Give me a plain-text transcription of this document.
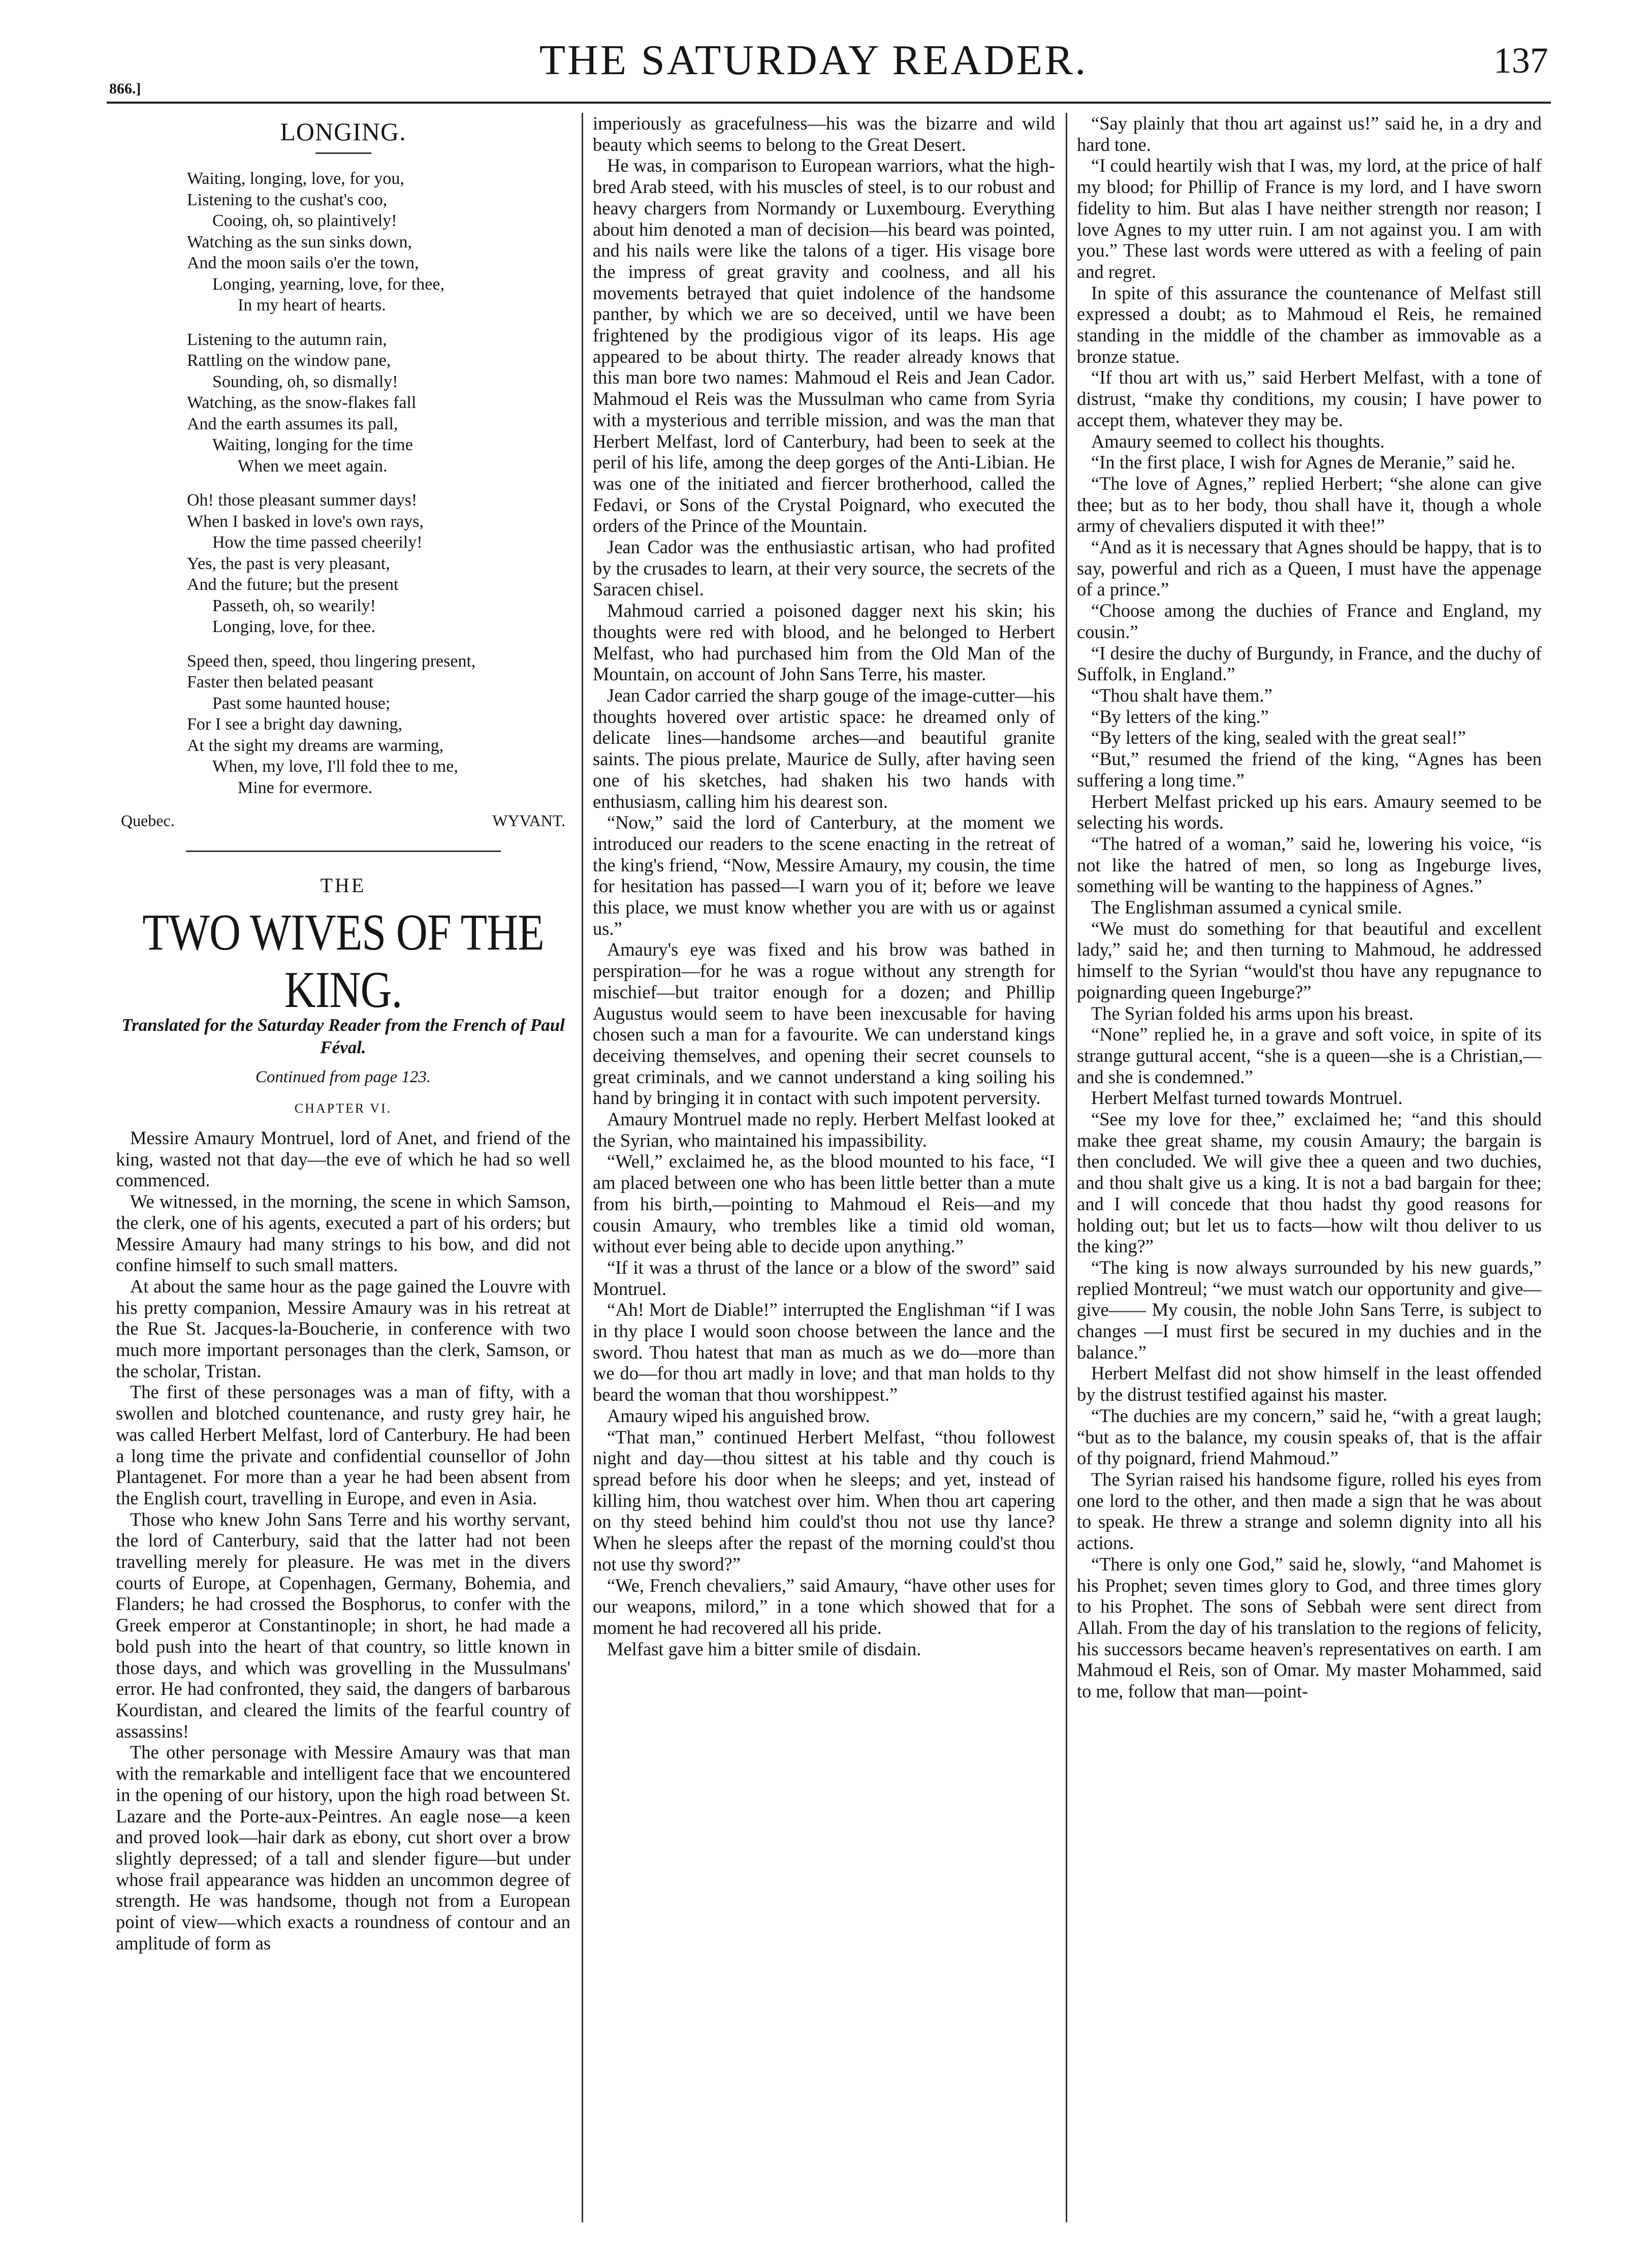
866.]
THE SATURDAY READER.	137
LONGING.
Waiting, longing, love, for you,
Listening to the cushat's coo,
Cooing, oh, so plaintively!
Watching as the sun sinks down,
And the moon sails o'er the town,
Longing, yearning, love, for thee,
In my heart of hearts.
Listening to the autumn rain,
Rattling on the window pane,
Sounding, oh, so dismally!
Watching, as the snow-flakes fall
And the earth assumes its pall,
Waiting, longing for the time
When we meet again.
Oh! those pleasant summer days!
When I basked in love's own rays,
How the time passed cheerily!
Yes, the past is very pleasant,
And the future; but the present
Passeth, oh, so wearily!
Longing, love, for thee.
Speed then, speed, thou lingering present,
Faster then belated peasant
Past some haunted house;
For I see a bright day dawning,
At the sight my dreams are warming,
When, my love, I'll fold thee to me,
Mine for evermore.
Quebec.	WYVANT.
THE
TWO WIVES OF THE KING.
Translated for the Saturday Reader from the French of Paul Féval.
Continued from page 123.
CHAPTER VI.

Messire Amaury Montruel, lord of Anet, and friend of the king, wasted not that day—the eve of which he had so well commenced.

We witnessed, in the morning, the scene in which Samson, the clerk, one of his agents, executed a part of his orders; but Messire Amaury had many strings to his bow, and did not confine himself to such small matters.

At about the same hour as the page gained the Louvre with his pretty companion, Messire Amaury was in his retreat at the Rue St. Jacques-la-Boucherie, in conference with two much more important personages than the clerk, Samson, or the scholar, Tristan.

The first of these personages was a man of fifty, with a swollen and blotched countenance, and rusty grey hair, he was called Herbert Melfast, lord of Canterbury. He had been a long time the private and confidential counsellor of John Plantagenet. For more than a year he had been absent from the English court, travelling in Europe, and even in Asia.

Those who knew John Sans Terre and his worthy servant, the lord of Canterbury, said that the latter had not been travelling merely for pleasure. He was met in the divers courts of Europe, at Copenhagen, Germany, Bohemia, and Flanders; he had crossed the Bosphorus, to confer with the Greek emperor at Constantinople; in short, he had made a bold push into the heart of that country, so little known in those days, and which was grovelling in the Mussulmans' error. He had confronted, they said, the dangers of barbarous Kourdistan, and cleared the limits of the fearful country of assassins!

The other personage with Messire Amaury was that man with the remarkable and intelligent face that we encountered in the opening of our history, upon the high road between St. Lazare and the Porte-aux-Peintres. An eagle nose—a keen and proved look—hair dark as ebony, cut short over a brow slightly depressed; of a tall and slender figure—but under whose frail appearance was hidden an uncommon degree of strength. He was handsome, though not from a European point of view—which exacts a roundness of contour and an amplitude of form as

imperiously as gracefulness—his was the bizarre and wild beauty which seems to belong to the Great Desert.

He was, in comparison to European warriors, what the high-bred Arab steed, with his muscles of steel, is to our robust and heavy chargers from Normandy or Luxembourg. Everything about him denoted a man of decision—his beard was pointed, and his nails were like the talons of a tiger. His visage bore the impress of great gravity and coolness, and all his movements betrayed that quiet indolence of the handsome panther, by which we are so deceived, until we have been frightened by the prodigious vigor of its leaps. His age appeared to be about thirty. The reader already knows that this man bore two names: Mahmoud el Reis and Jean Cador. Mahmoud el Reis was the Mussulman who came from Syria with a mysterious and terrible mission, and was the man that Herbert Melfast, lord of Canterbury, had been to seek at the peril of his life, among the deep gorges of the Anti-Libian. He was one of the initiated and fiercer brotherhood, called the Fedavi, or Sons of the Crystal Poignard, who executed the orders of the Prince of the Mountain.

Jean Cador was the enthusiastic artisan, who had profited by the crusades to learn, at their very source, the secrets of the Saracen chisel.

Mahmoud carried a poisoned dagger next his skin; his thoughts were red with blood, and he belonged to Herbert Melfast, who had purchased him from the Old Man of the Mountain, on account of John Sans Terre, his master.

Jean Cador carried the sharp gouge of the image-cutter—his thoughts hovered over artistic space: he dreamed only of delicate lines—handsome arches—and beautiful granite saints. The pious prelate, Maurice de Sully, after having seen one of his sketches, had shaken his two hands with enthusiasm, calling him his dearest son.

“Now,” said the lord of Canterbury, at the moment we introduced our readers to the scene enacting in the retreat of the king's friend, “Now, Messire Amaury, my cousin, the time for hesitation has passed—I warn you of it; before we leave this place, we must know whether you are with us or against us.”

Amaury's eye was fixed and his brow was bathed in perspiration—for he was a rogue without any strength for mischief—but traitor enough for a dozen; and Phillip Augustus would seem to have been inexcusable for having chosen such a man for a favourite. We can understand kings deceiving themselves, and opening their secret counsels to great criminals, and we cannot understand a king soiling his hand by bringing it in contact with such impotent perversity.

Amaury Montruel made no reply. Herbert Melfast looked at the Syrian, who maintained his impassibility.

“Well,” exclaimed he, as the blood mounted to his face, “I am placed between one who has been little better than a mute from his birth,—pointing to Mahmoud el Reis—and my cousin Amaury, who trembles like a timid old woman, without ever being able to decide upon anything.”

“If it was a thrust of the lance or a blow of the sword” said Montruel.

“Ah! Mort de Diable!” interrupted the Englishman “if I was in thy place I would soon choose between the lance and the sword. Thou hatest that man as much as we do—more than we do—for thou art madly in love; and that man holds to thy beard the woman that thou worshippest.”

Amaury wiped his anguished brow.

“That man,” continued Herbert Melfast, “thou followest night and day—thou sittest at his table and thy couch is spread before his door when he sleeps; and yet, instead of killing him, thou watchest over him. When thou art capering on thy steed behind him could'st thou not use thy lance? When he sleeps after the repast of the morning could'st thou not use thy sword?”

“We, French chevaliers,” said Amaury, “have other uses for our weapons, milord,” in a tone which showed that for a moment he had recovered all his pride.

Melfast gave him a bitter smile of disdain.

“Say plainly that thou art against us!” said he, in a dry and hard tone.

“I could heartily wish that I was, my lord, at the price of half my blood; for Phillip of France is my lord, and I have sworn fidelity to him. But alas I have neither strength nor reason; I love Agnes to my utter ruin. I am not against you. I am with you.” These last words were uttered as with a feeling of pain and regret.

In spite of this assurance the countenance of Melfast still expressed a doubt; as to Mahmoud el Reis, he remained standing in the middle of the chamber as immovable as a bronze statue.

“If thou art with us,” said Herbert Melfast, with a tone of distrust, “make thy conditions, my cousin; I have power to accept them, whatever they may be.

Amaury seemed to collect his thoughts.

“In the first place, I wish for Agnes de Meranie,” said he.

“The love of Agnes,” replied Herbert; “she alone can give thee; but as to her body, thou shall have it, though a whole army of chevaliers disputed it with thee!”

“And as it is necessary that Agnes should be happy, that is to say, powerful and rich as a Queen, I must have the appenage of a prince.”

“Choose among the duchies of France and England, my cousin.”

“I desire the duchy of Burgundy, in France, and the duchy of Suffolk, in England.”

“Thou shalt have them.”

“By letters of the king.”

“By letters of the king, sealed with the great seal!”

“But,” resumed the friend of the king, “Agnes has been suffering a long time.”

Herbert Melfast pricked up his ears. Amaury seemed to be selecting his words.

“The hatred of a woman,” said he, lowering his voice, “is not like the hatred of men, so long as Ingeburge lives, something will be wanting to the happiness of Agnes.”

The Englishman assumed a cynical smile.

“We must do something for that beautiful and excellent lady,” said he; and then turning to Mahmoud, he addressed himself to the Syrian “would'st thou have any repugnance to poignarding queen Ingeburge?”

The Syrian folded his arms upon his breast.

“None” replied he, in a grave and soft voice, in spite of its strange guttural accent, “she is a queen—she is a Christian,—and she is condemned.”

Herbert Melfast turned towards Montruel.

“See my love for thee,” exclaimed he; “and this should make thee great shame, my cousin Amaury; the bargain is then concluded. We will give thee a queen and two duchies, and thou shalt give us a king. It is not a bad bargain for thee; and I will concede that thou hadst thy good reasons for holding out; but let us to facts—how wilt thou deliver to us the king?”

“The king is now always surrounded by his new guards,” replied Montreul; “we must watch our opportunity and give—give—— My cousin, the noble John Sans Terre, is subject to changes —I must first be secured in my duchies and in the balance.”

Herbert Melfast did not show himself in the least offended by the distrust testified against his master.

“The duchies are my concern,” said he, “with a great laugh; “but as to the balance, my cousin speaks of, that is the affair of thy poignard, friend Mahmoud.”

The Syrian raised his handsome figure, rolled his eyes from one lord to the other, and then made a sign that he was about to speak. He threw a strange and solemn dignity into all his actions.

“There is only one God,” said he, slowly, “and Mahomet is his Prophet; seven times glory to God, and three times glory to his Prophet. The sons of Sebbah were sent direct from Allah. From the day of his translation to the regions of felicity, his successors became heaven's representatives on earth. I am Mahmoud el Reis, son of Omar. My master Mohammed, said to me, follow that man—point-
